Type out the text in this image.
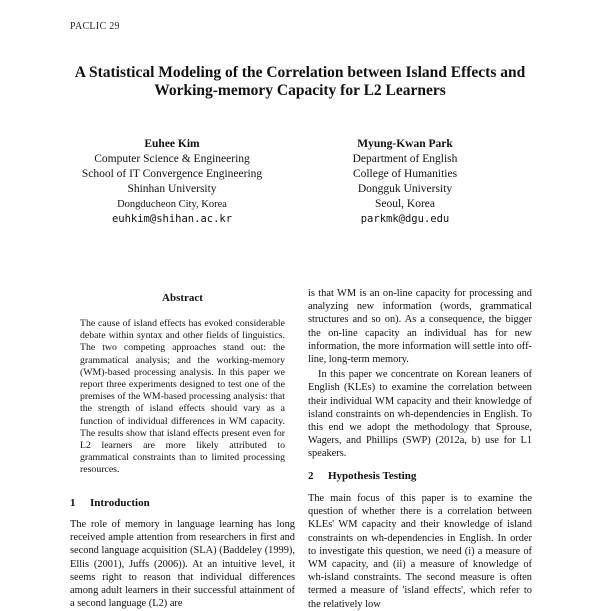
PACLIC 29
A Statistical Modeling of the Correlation between Island Effects and
Working-memory Capacity for L2 Learners
Euhee Kim
Computer Science & Engineering
School of IT Convergence Engineering
Shinhan University
Dongducheon City, Korea
euhkim@shihan.ac.kr
Myung-Kwan Park
Department of English
College of Humanities
Dongguk University
Seoul, Korea
parkmk@dgu.edu
Abstract
The cause of island effects has evoked considerable debate within syntax and other fields of linguistics. The two competing approaches stand out: the grammatical analysis; and the working-memory (WM)-based processing analysis. In this paper we report three experiments designed to test one of the premises of the WM-based processing analysis: that the strength of island effects should vary as a function of individual differences in WM capacity. The results show that island effects present even for L2 learners are more likely attributed to grammatical constraints than to limited processing resources.
1 Introduction
The role of memory in language learning has long received ample attention from researchers in first and second language acquisition (SLA) (Baddeley (1999), Ellis (2001), Juffs (2006)). At an intuitive level, it seems right to reason that individual differences among adult learners in their successful attainment of a second language (L2) are

is that WM is an on-line capacity for processing and analyzing new information (words, grammatical structures and so on). As a consequence, the bigger the on-line capacity an individual has for new information, the more information will settle into off-line, long-term memory.

In this paper we concentrate on Korean leaners of English (KLEs) to examine the correlation between their individual WM capacity and their knowledge of island constraints on wh-dependencies in English. To this end we adopt the methodology that Sprouse, Wagers, and Phillips (SWP) (2012a, b) use for L1 speakers.

2 Hypothesis Testing
The main focus of this paper is to examine the question of whether there is a correlation between KLEs' WM capacity and their knowledge of island constraints on wh-dependencies in English. In order to investigate this question, we need (i) a measure of WM capacity, and (ii) a measure of knowledge of wh-island constraints. The second measure is often termed a measure of 'island effects', which refer to the relatively low
